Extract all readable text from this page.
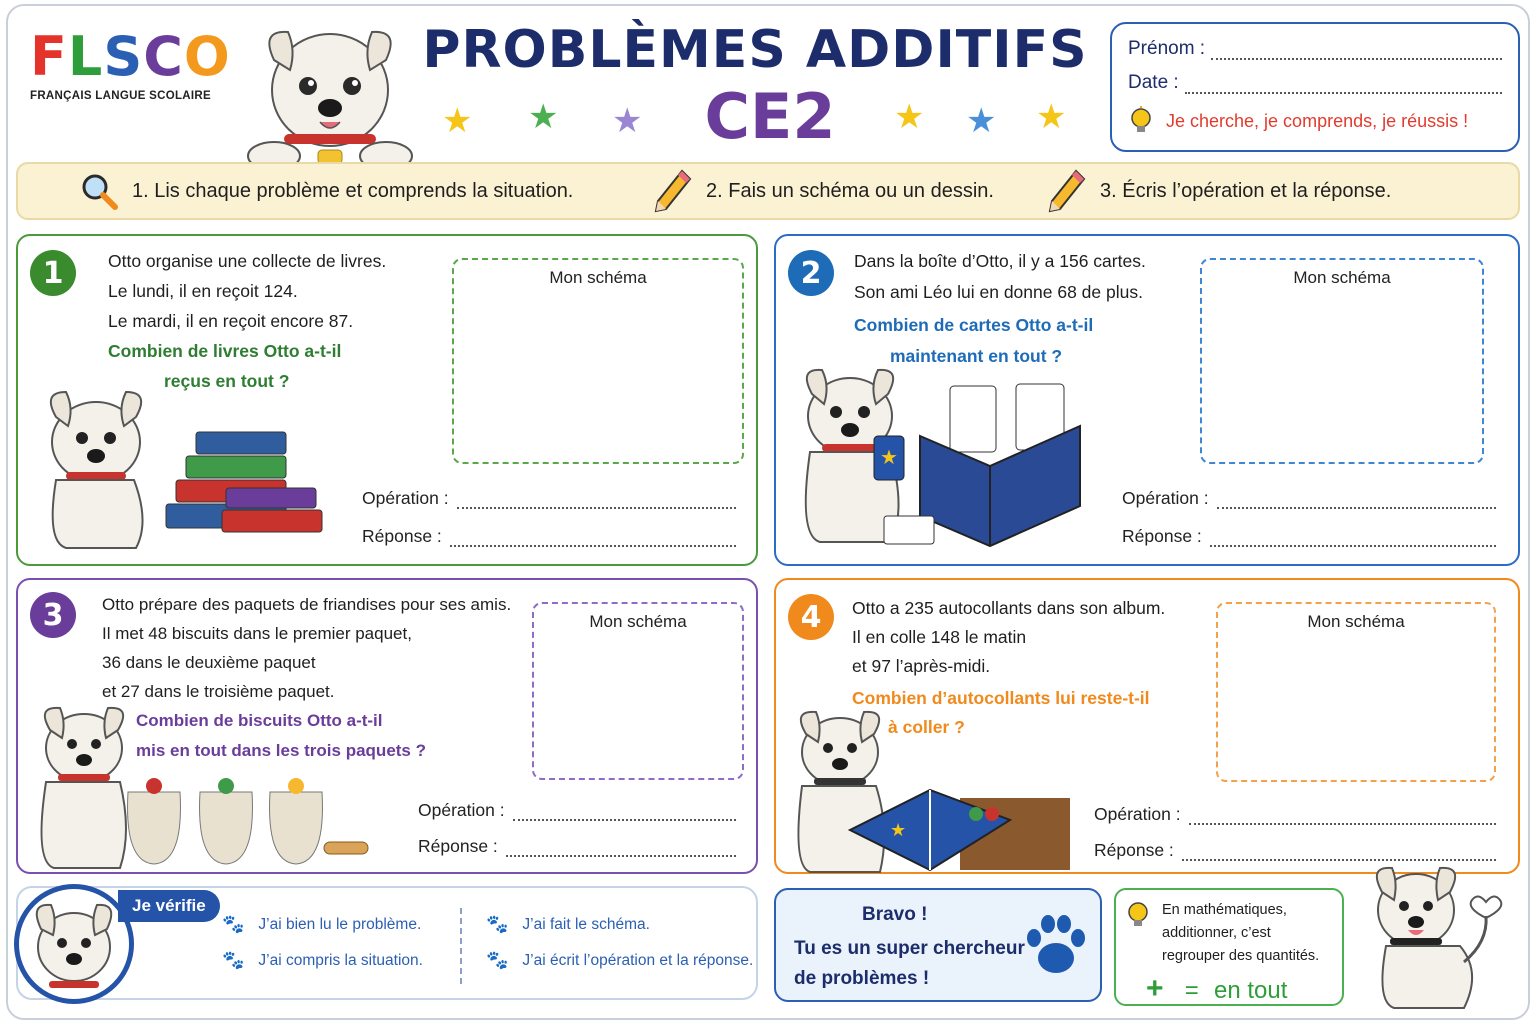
FLSCO
FRANÇAIS LANGUE SCOLAIRE
PROBLÈMES ADDITIFS
CE2
★ ★ ★	★ ★ ★
Prénom :
Date :
Je cherche, je comprends, je réussis !
1. Lis chaque problème et comprends la situation.	2. Fais un schéma ou un dessin.	3. Écris l’opération et la réponse.
1	Otto organise une collecte de livres.
Le lundi, il en reçoit 124.
Le mardi, il en reçoit encore 87.
Combien de livres Otto a-t-il
reçus en tout ?
Mon schéma
Opération :
Réponse :
2	Dans la boîte d’Otto, il y a 156 cartes.
Son ami Léo lui en donne 68 de plus.
Combien de cartes Otto a-t-il
maintenant en tout ?
Mon schéma
★
Opération :
Réponse :
3	Otto prépare des paquets de friandises pour ses amis.
Il met 48 biscuits dans le premier paquet,
36 dans le deuxième paquet
et 27 dans le troisième paquet.
Combien de biscuits Otto a-t-il
mis en tout dans les trois paquets ?
Mon schéma
Opération :
Réponse :
4	Otto a 235 autocollants dans son album.
Il en colle 148 le matin
et 97 l’après-midi.
Combien d’autocollants lui reste-t-il
à coller ?
Mon schéma
★
Opération :
Réponse :
Je vérifie
🐾 J’ai bien lu le problème.
🐾 J’ai compris la situation.
🐾 J’ai fait le schéma.
🐾 J’ai écrit l’opération et la réponse.
Bravo !
Tu es un super chercheur
de problèmes !
En mathématiques,
additionner, c’est
regrouper des quantités.
+ = en tout
